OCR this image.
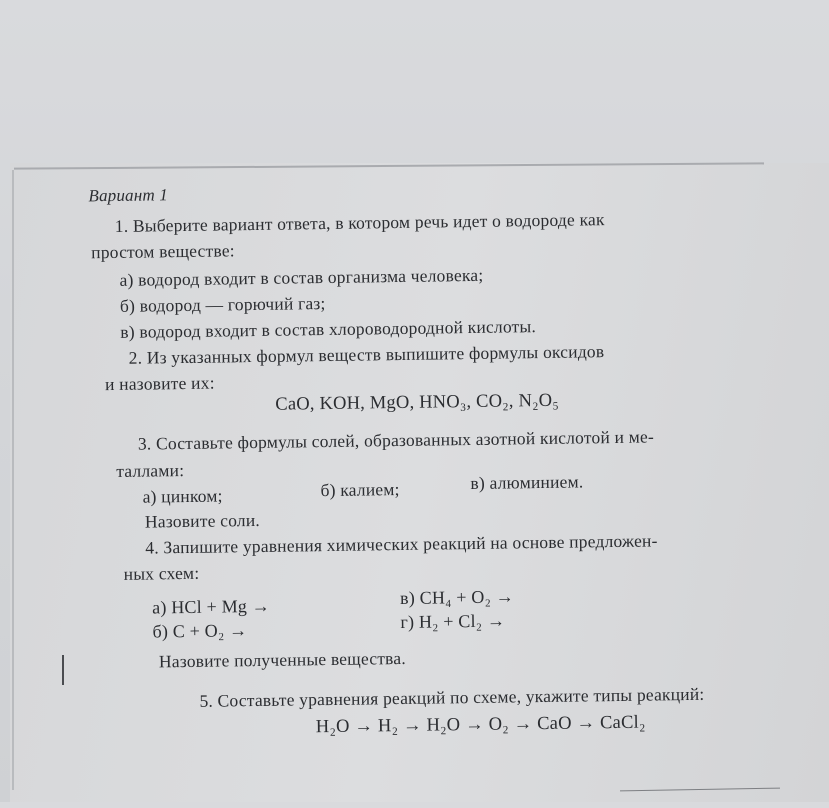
Вариант 1
1. Выберите вариант ответа, в котором речь идет о водороде как
простом веществе:
а) водород входит в состав организма человека;
б) водород — горючий газ;
в) водород входит в состав хлороводородной кислоты.
2. Из указанных формул веществ выпишите формулы оксидов
и назовите их:
CaO, KOH, MgO, HNO₃, CO₂, N₂O₅
3. Составьте формулы солей, образованных азотной кислотой и ме-
таллами:
а) цинком;	б) калием;	в) алюминием.
Назовите соли.
4. Запишите уравнения химических реакций на основе предложен-
ных схем:
а) HCl + Mg →
б) C + O₂ →
в) CH₄ + O₂ →
г) H₂ + Cl₂ →
Назовите полученные вещества.
5. Составьте уравнения реакций по схеме, укажите типы реакций:
H₂O → H₂ → H₂O → O₂ → CaO → CaCl₂
